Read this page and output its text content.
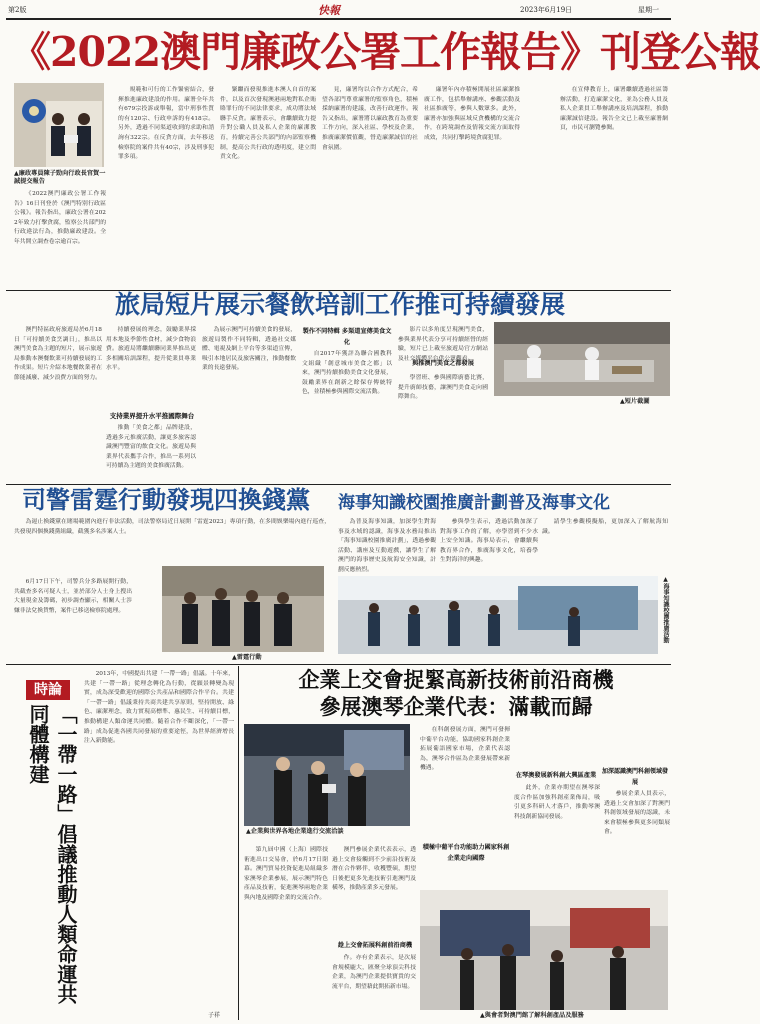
第2版	快報	2023年6月19日	星期一
《2022澳門廉政公署工作報告》刊登公報
▲廉政專員陳子勁向行政長官賀一誠提交報告

《2022澳門廉政公署工作報告》16日刊登於《澳門特別行政區公報》。報告指出，廉政公署在2022年致力打擊貪腐，監察公共部門的行政違法行為，推動廉政建設。全年共開立調查卷宗逾百宗。

規範和可行的工作緊密結合，發揮推進廉政建設的作用。廉署全年共有679宗投訴或舉報，當中刑事性質的有120宗、行政申訴的有418宗。另外，透過不同渠道收到的求助和諮詢有322宗。在反貪方面，去年移送檢察院的案件共有40宗，涉及刑事犯罪多項。

緊繼而發現推進本澳人自首的案件，以及首次發現澳港兩地對私企賄賂罪行的不同法律要求，成功將法域聯手反貪。廉署表示，會繼續致力提升對公職人員及私人企業的廉潔教育，持續完善公共部門的內部監察機制，提高公共行政的透明度，建立問責文化。

見，廉署均以合作方式配合，希望各部門尊重廉署的監察角色，積極採納廉署的建議，改善行政運作。報告又指出，廉署將以廉政教育為重要工作方向，深入社區、學校及企業，推廣廉潔價值觀，營造廉潔誠信的社會氛圍。

廉署年內亦積極開展社區廉潔推廣工作，包括舉辦講座、參觀活動及社區推廣等，參與人數眾多。此外，廉署亦加強與區域反貪機構的交流合作，在跨境調查及情報交流方面取得成效，共同打擊跨境貪腐犯罪。

在宣傳教育上，廉署繼續透過社區籌辦活動，打造廉潔文化，並為公務人員及私人企業員工舉辦講座及培訓課程，推動廉潔誠信建設。報告全文已上載至廉署網頁，市民可瀏覽參閱。

旅局短片展示餐飲培訓工作推可持續發展

澳門特區政府旅遊局於6月18日「可持續美食烹調日」，推出以澳門美食為主題的短片，展示旅遊局推動本澳餐飲業可持續發展的工作成果。短片介紹本地餐飲業者在節能減廢、減少浪費方面的努力。

持續發展的理念，鼓勵業界採用本地及季節性食材，減少食物浪費。旅遊局將繼續聯同業界推出更多相關培訓課程，提升從業員專業水平。

支持業界提升水平推國際舞台

推動「美食之都」品牌建設，透過多元推廣活動，讓更多旅客認識澳門豐富的飲食文化。旅遊局與業界代表攜手合作，推出一系列以可持續為主題的美食推廣活動。

製作不同特輯 多渠道宣傳美食文化

為展示澳門可持續美食的發展，旅遊局製作不同特輯，透過社交媒體、電視及網上平台等多渠道宣傳，吸引本地居民及旅客關注，推動餐飲業的長遠發展。

自2017年獲評為聯合國教科文組織「創意城市美食之都」以來，澳門持續推動美食文化發展，鼓勵業界在創新之餘保存傳統特色，並積極參與國際交流活動。

與推澳門美食之都發展

影片以多角度呈現澳門美食，參與業界代表分享可持續經營的經驗，短片已上載至旅遊局官方網站及社交媒體平台供公眾觀看。

學習班、參與國際廚藝比賽，提升廚師技藝，讓澳門美食走向國際舞台。

▲短片截圖
司警雷霆行動發現四換錢黨

為遏止換錢黨在賭場範圍內進行非法活動，司法警察局近日展開「雷霆2023」專項行動，在多間娛樂場內進行巡查，共發現四個換錢黨組織，截獲多名涉案人士。

6月17日下午，司警兵分多路展開行動，共截查多名可疑人士，並於部分人士身上搜出大量現金及籌碼，初步調查顯示，相關人士涉嫌非法兌換貨幣，案件已移送檢察院處理。

▲雷霆行動
海事知識校園推廣計劃普及海事文化

為普及海事知識，加深學生對海事及水域的認識，海事及水務局推出「海事知識校園推廣計劃」，透過參觀活動、講座及互動遊戲，讓學生了解澳門的海事歷史及航海安全知識，計劃反應熱烈。

參與學生表示，透過活動加深了對海事工作的了解，亦學習到不少水上安全知識。海事局表示，會繼續與教育界合作，推廣海事文化，培養學生對海洋的興趣。

請學生參觀模擬船，更加深入了解航海知識。

▲海事知識校園推廣活動
時論
「一帶一路」倡議推動人類命運共同體構建

2013年，中國提出共建「一帶一路」倡議。十年來，共建「一帶一路」從理念轉化為行動，從願景轉變為現實，成為深受歡迎的國際公共產品和國際合作平台。共建「一帶一路」倡議秉持共商共建共享原則，堅持開放、綠色、廉潔理念，致力實現高標準、惠民生、可持續目標，推動構建人類命運共同體。隨着合作不斷深化，「一帶一路」成為促進各國共同發展的重要途徑，為世界經濟增長注入新動能。

子祥
企業上交會捉緊高新技術前沿商機
參展澳琴企業代表：滿載而歸
▲企業與世界各地企業進行交流洽談

第九屆中國（上海）國際技術進出口交易會，於6月17日閉幕。澳門貿易投資促進局組織多家澳琴企業參展，展示澳門特色產品及技術，促進澳琴兩地企業與內地及國際企業的交流合作。

澳門參展企業代表表示，透過上交會接觸到不少前沿技術及潛在合作夥伴，收穫豐碩，期望日後把更多先進技術引進澳門及橫琴，推動產業多元發展。

趁上交會拓展科創前沿商機

作。亦有企業表示，是次展會規模龐大，匯聚全球頂尖科技企業，為澳門企業提供寶貴的交流平台，期望藉此開拓新市場。

積極中葡平台功能助力國家科創企業走向國際

在科創發展方面，澳門可發揮中葡平台功能，協助國家科創企業拓展葡語國家市場，企業代表認為，澳琴合作區為企業發展帶來新機遇。

在琴澳發展新科創大興區產業

此外，企業亦期望在澳琴深度合作區加強科創產業佈局，吸引更多科研人才落戶，推動琴澳科技創新協同發展。

加深認識澳門科創領域發展

參展企業人員表示，透過上交會加深了對澳門科創領域發展的認識，未來會積極參與更多同類展會。

▲與會者對澳門館了解科創產品及服務
